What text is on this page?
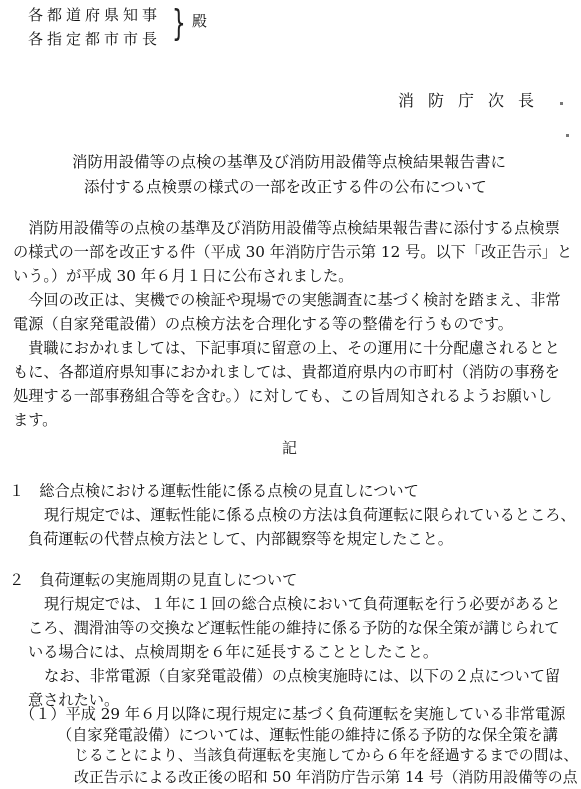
各都道府県知事
各指定都市市長 } 殿
消防庁次長
消防用設備等の点検の基準及び消防用設備等点検結果報告書に
添付する点検票の様式の一部を改正する件の公布について
　消防用設備等の点検の基準及び消防用設備等点検結果報告書に添付する点検票
の様式の一部を改正する件（平成 30 年消防庁告示第 12 号。以下「改正告示」と
いう。）が平成 30 年６月１日に公布されました。
　今回の改正は、実機での検証や現場での実態調査に基づく検討を踏まえ、非常
電源（自家発電設備）の点検方法を合理化する等の整備を行うものです。
　貴職におかれましては、下記事項に留意の上、その運用に十分配慮されるとと
もに、各都道府県知事におかれましては、貴都道府県内の市町村（消防の事務を
処理する一部事務組合等を含む。）に対しても、この旨周知されるようお願いし
ます。
記
１　総合点検における運転性能に係る点検の見直しについて
現行規定では、運転性能に係る点検の方法は負荷運転に限られているところ、
負荷運転の代替点検方法として、内部観察等を規定したこと。
２　負荷運転の実施周期の見直しについて
現行規定では、１年に１回の総合点検において負荷運転を行う必要があると
ころ、潤滑油等の交換など運転性能の維持に係る予防的な保全策が講じられて
いる場合には、点検周期を６年に延長することとしたこと。
なお、非常電源（自家発電設備）の点検実施時には、以下の２点について留
意されたい。
（１）平成 29 年６月以降に現行規定に基づく負荷運転を実施している非常電源
（自家発電設備）については、運転性能の維持に係る予防的な保全策を講
じることにより、当該負荷運転を実施してから６年を経過するまでの間は、
改正告示による改正後の昭和 50 年消防庁告示第 14 号（消防用設備等の点
